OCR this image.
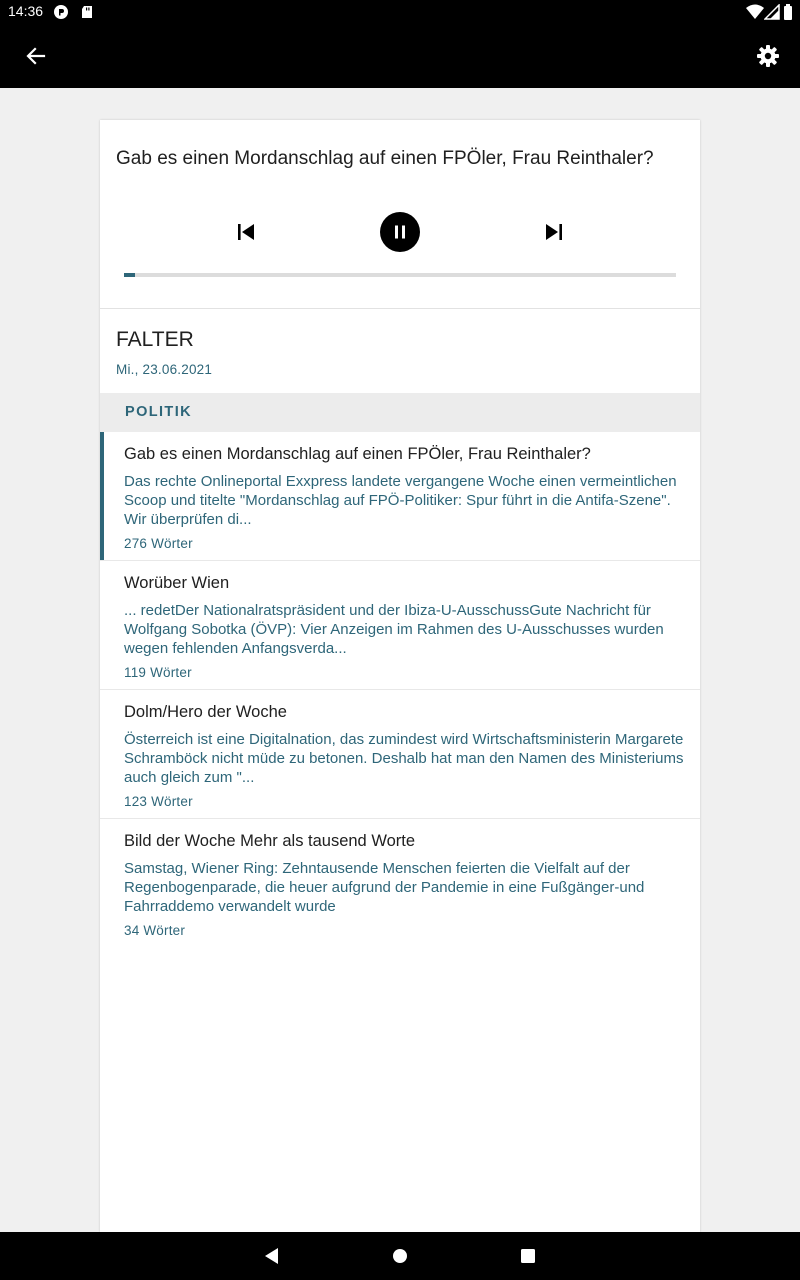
14:36
Gab es einen Mordanschlag auf einen FPÖler, Frau Reinthaler?
FALTER
Mi., 23.06.2021
POLITIK
Gab es einen Mordanschlag auf einen FPÖler, Frau Reinthaler?
Das rechte Onlineportal Exxpress landete vergangene Woche einen vermeintlichen Scoop und titelte "Mordanschlag auf FPÖ-Politiker: Spur führt in die Antifa-Szene". Wir überprüfen di...
276 Wörter
Worüber Wien
... redetDer Nationalratspräsident und der Ibiza-U-AusschussGute Nachricht für Wolfgang Sobotka (ÖVP): Vier Anzeigen im Rahmen des U-Ausschusses wurden wegen fehlenden Anfangsverda...
119 Wörter
Dolm/Hero der Woche
Österreich ist eine Digitalnation, das zumindest wird Wirtschaftsministerin Margarete Schramböck nicht müde zu betonen. Deshalb hat man den Namen des Ministeriums auch gleich zum "...
123 Wörter
Bild der Woche Mehr als tausend Worte
Samstag, Wiener Ring: Zehntausende Menschen feierten die Vielfalt auf der Regenbogenparade, die heuer aufgrund der Pandemie in eine Fußgänger-und Fahrraddemo verwandelt wurde
34 Wörter
